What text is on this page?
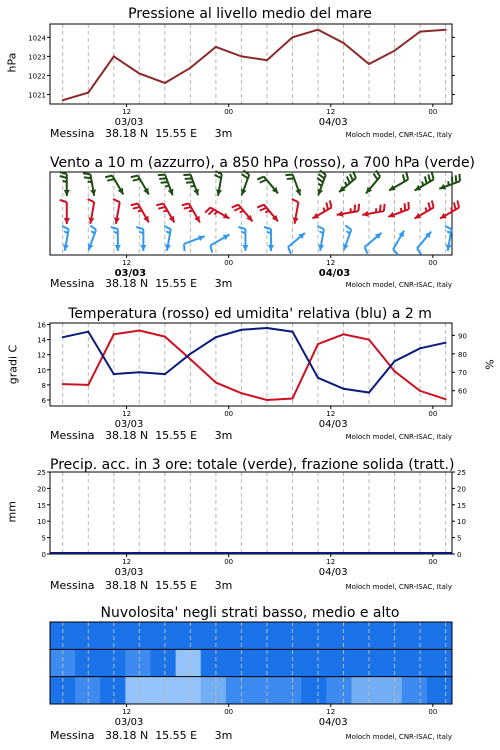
Pressione al livello medio del mare
hPa
12	00	12	00
03/03	04/03
1021
1022
1023
1024
Messina   38.18 N  15.55 E     3m	Moloch model, CNR-ISAC, Italy
Vento a 10 m (azzurro), a 850 hPa (rosso), a 700 hPa (verde)
12	00	12	00
03/03	04/03
Messina   38.18 N  15.55 E     3m	Moloch model, CNR-ISAC, Italy
Temperatura (rosso) ed umidita' relativa (blu) a 2 m
gradi C	%
12	00	12	00
03/03	04/03
6
8
10
12
14
16
60
70
80
90
Messina   38.18 N  15.55 E     3m	Moloch model, CNR-ISAC, Italy
Precip. acc. in 3 ore: totale (verde), frazione solida (tratt.)
mm
12	00	12	00
03/03	04/03
0	0
5	5
10	10
15	15
20	20
25	25
Messina   38.18 N  15.55 E     3m	Moloch model, CNR-ISAC, Italy
Nuvolosita' negli strati basso, medio e alto
12	00	12	00
03/03	04/03
Messina   38.18 N  15.55 E     3m	Moloch model, CNR-ISAC, Italy
